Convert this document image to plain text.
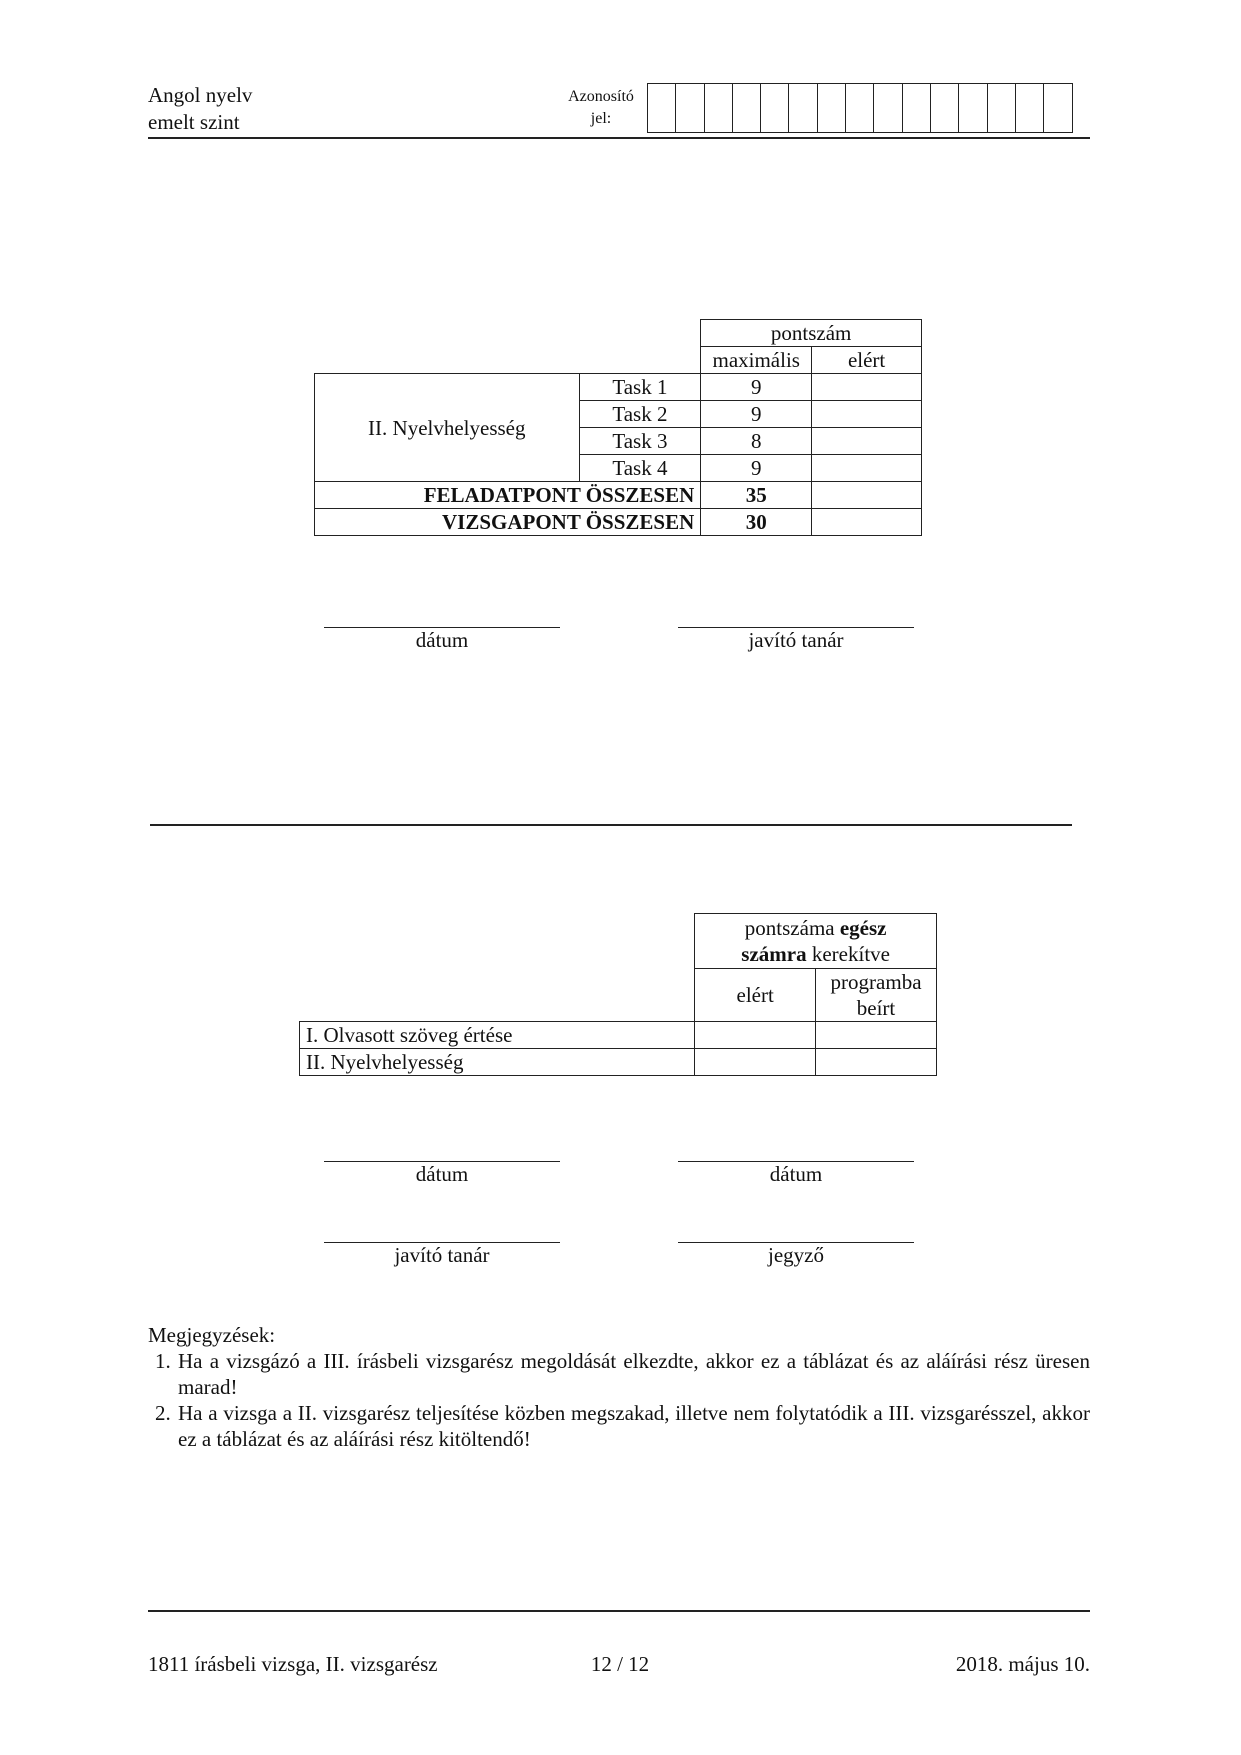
Angol nyelv
emelt szint
Azonosító
jel:
		pontszám	
		maximális	elért
II. Nyelvhelyesség	Task 1	9	
	Task 2	9	
	Task 3	8	
	Task 4	9	
FELADATPONT ÖSSZESEN		35	
VIZSGAPONT ÖSSZESEN		30	
dátum	javító tanár
	pontszáma egész
számra kerekítve	
	elért	programba
beírt
I. Olvasott szöveg értése		
II. Nyelvhelyesség		
dátum	dátum
javító tanár	jegyző
Megjegyzések:
1. Ha a vizsgázó a III. írásbeli vizsgarész megoldását elkezdte, akkor ez a táblázat és az aláírási rész üresen marad!
2. Ha a vizsga a II. vizsgarész teljesítése közben megszakad, illetve nem folytatódik a III. vizsgarésszel, akkor ez a táblázat és az aláírási rész kitöltendő!
1811 írásbeli vizsga, II. vizsgarész	12 / 12	2018. május 10.
